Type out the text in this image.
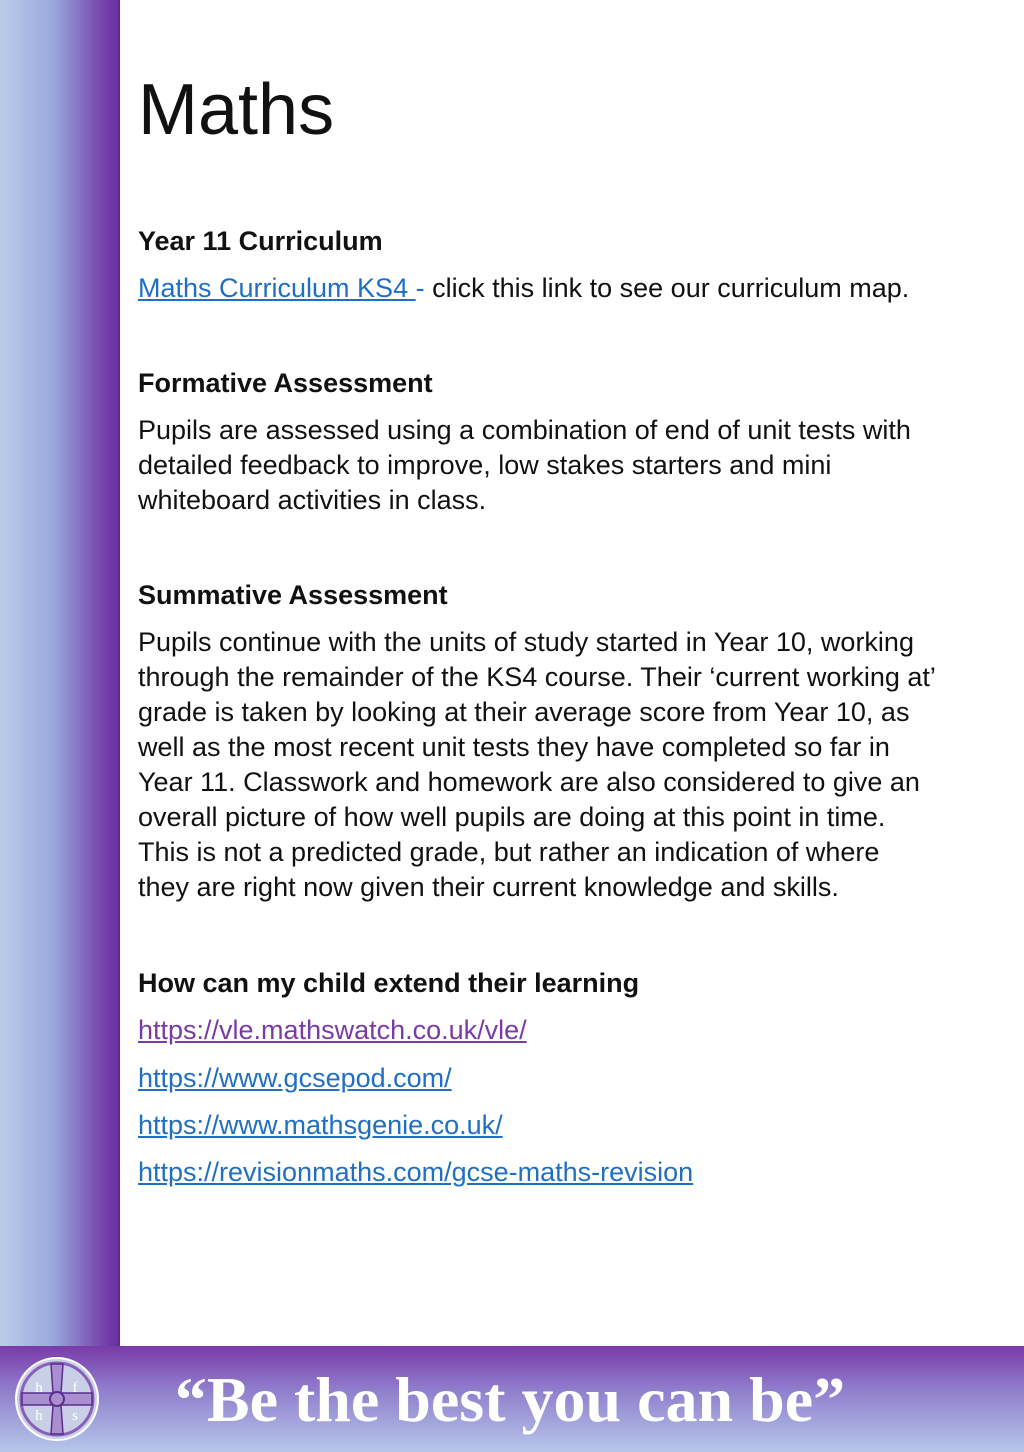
Maths
Year 11 Curriculum
Maths Curriculum KS4 - click this link to see our curriculum map.
Formative Assessment
Pupils are assessed using a combination of end of unit tests with
detailed feedback to improve, low stakes starters and mini
whiteboard activities in class.
Summative Assessment
Pupils continue with the units of study started in Year 10, working
through the remainder of the KS4 course. Their ‘current working at’
grade is taken by looking at their average score from Year 10, as
well as the most recent unit tests they have completed so far in
Year 11. Classwork and homework are also considered to give an
overall picture of how well pupils are doing at this point in time.
This is not a predicted grade, but rather an indication of where
they are right now given their current knowledge and skills.
How can my child extend their learning
https://vle.mathswatch.co.uk/vle/
https://www.gcsepod.com/
https://www.mathsgenie.co.uk/
https://revisionmaths.com/gcse-maths-revision
h f
h s	“Be the best you can be”
